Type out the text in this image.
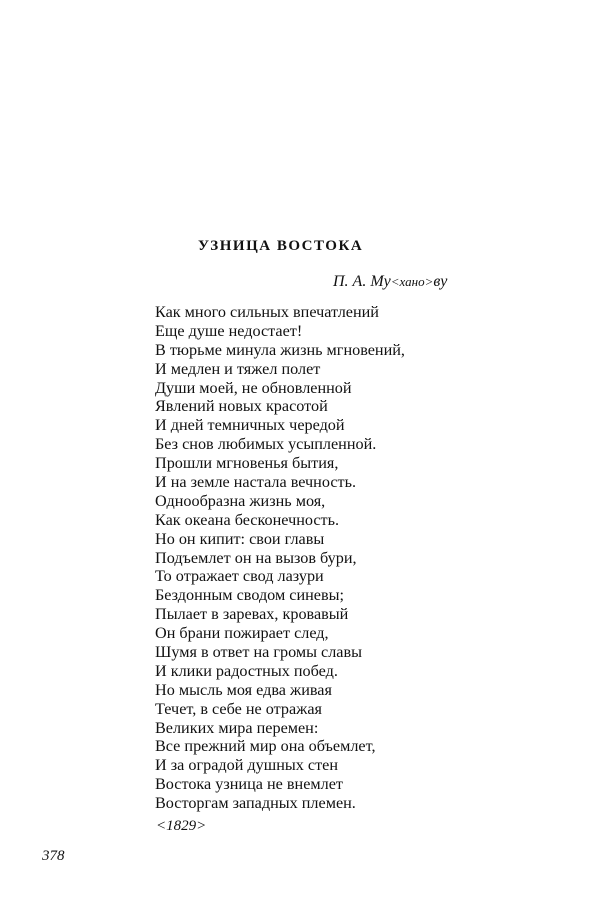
УЗНИЦА ВОСТОКА
П. А. Му<хано>ву
Как много сильных впечатлений
Еще душе недостает!
В тюрьме минула жизнь мгновений,
И медлен и тяжел полет
Души моей, не обновленной
Явлений новых красотой
И дней темничных чередой
Без снов любимых усыпленной.
Прошли мгновенья бытия,
И на земле настала вечность.
Однообразна жизнь моя,
Как океана бесконечность.
Но он кипит: свои главы
Подъемлет он на вызов бури,
То отражает свод лазури
Бездонным сводом синевы;
Пылает в заревах, кровавый
Он брани пожирает след,
Шумя в ответ на громы славы
И клики радостных побед.
Но мысль моя едва живая
Течет, в себе не отражая
Великих мира перемен:
Все прежний мир она объемлет,
И за оградой душных стен
Востока узница не внемлет
Восторгам западных племен.
<1829>
378
